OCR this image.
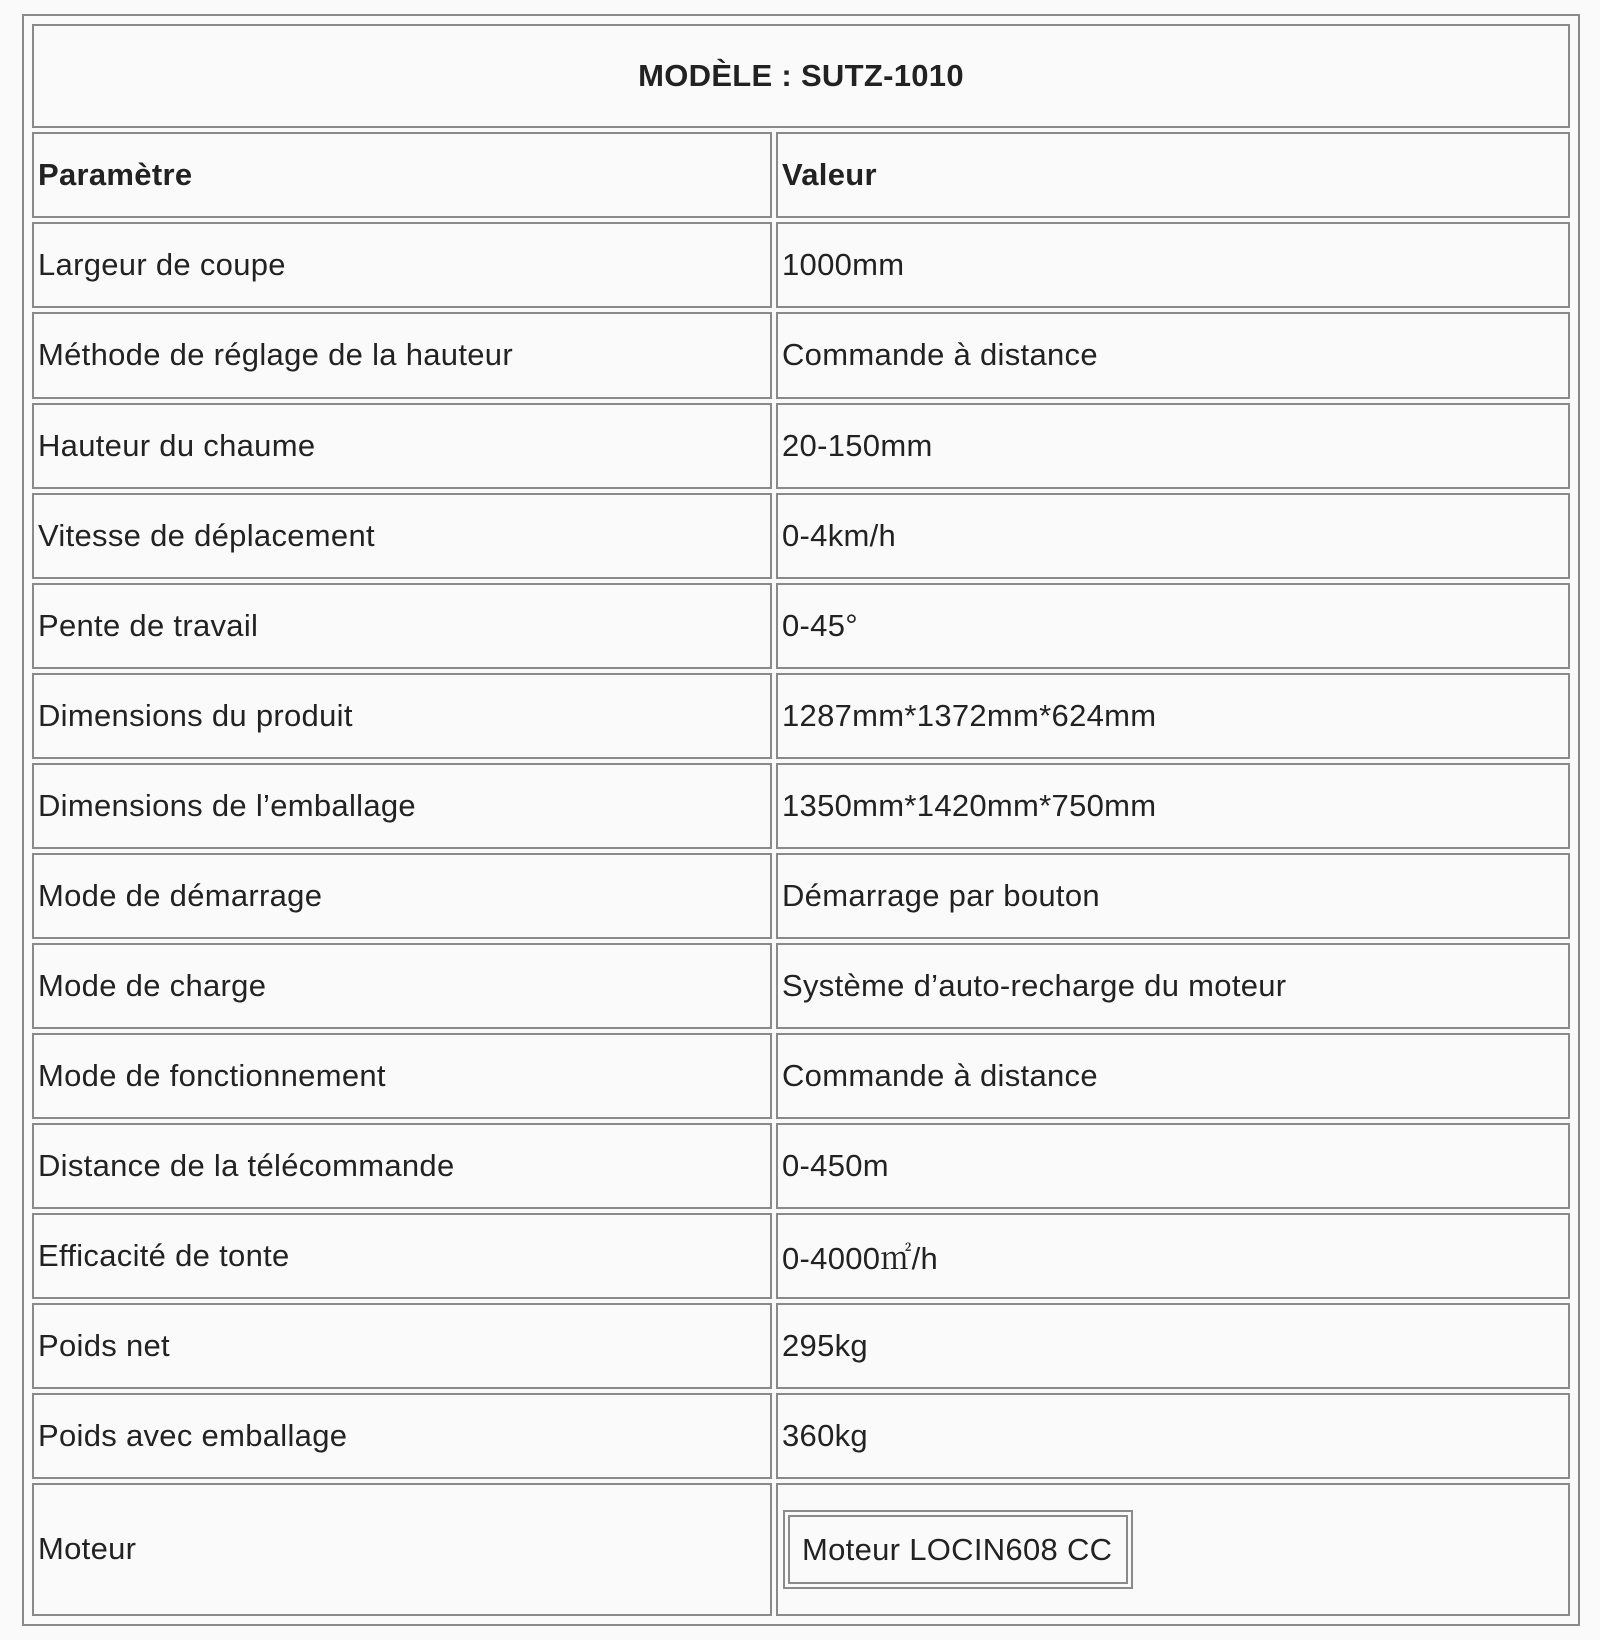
MODÈLE : SUTZ-1010	
Paramètre	Valeur
Largeur de coupe	1000mm
Méthode de réglage de la hauteur	Commande à distance
Hauteur du chaume	20-150mm
Vitesse de déplacement	0-4km/h
Pente de travail	0-45°
Dimensions du produit	1287mm*1372mm*624mm
Dimensions de l’emballage	1350mm*1420mm*750mm
Mode de démarrage	Démarrage par bouton
Mode de charge	Système d’auto-recharge du moteur
Mode de fonctionnement	Commande à distance
Distance de la télécommande	0-450m
Efficacité de tonte	0-4000㎡/h
Poids net	295kg
Poids avec emballage	360kg
Moteur	Moteur LOCIN608 CC
